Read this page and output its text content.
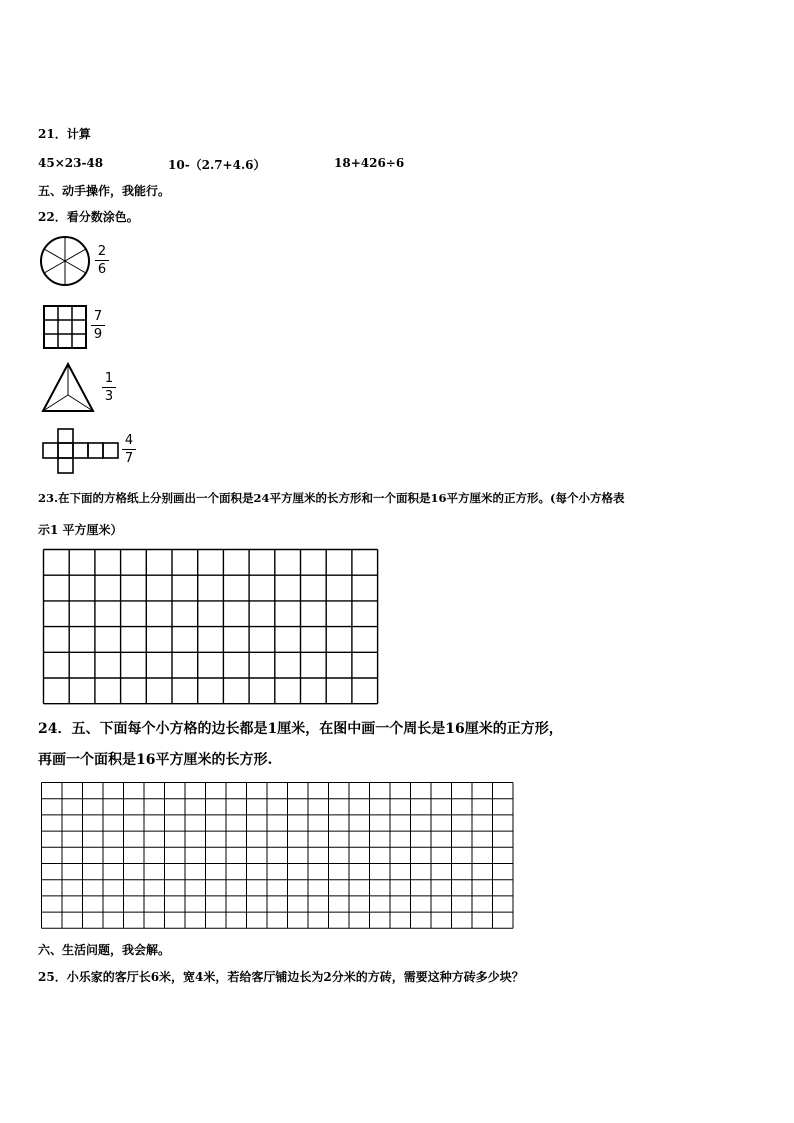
21．计算
45×23-48	10-（2.7+4.6）	18+426÷6
五、动手操作，我能行。
22．看分数涂色。
2
6
7
9
1
3
4
7
23.在下面的方格纸上分别画出一个面积是24平方厘米的长方形和一个面积是16平方厘米的正方形。(每个小方格表
示1 平方厘米）
24．五、下面每个小方格的边长都是1厘米，在图中画一个周长是16厘米的正方形，
再画一个面积是16平方厘米的长方形.
六、生活问题，我会解。
25．小乐家的客厅长6米，宽4米，若给客厅铺边长为2分米的方砖，需要这种方砖多少块？
